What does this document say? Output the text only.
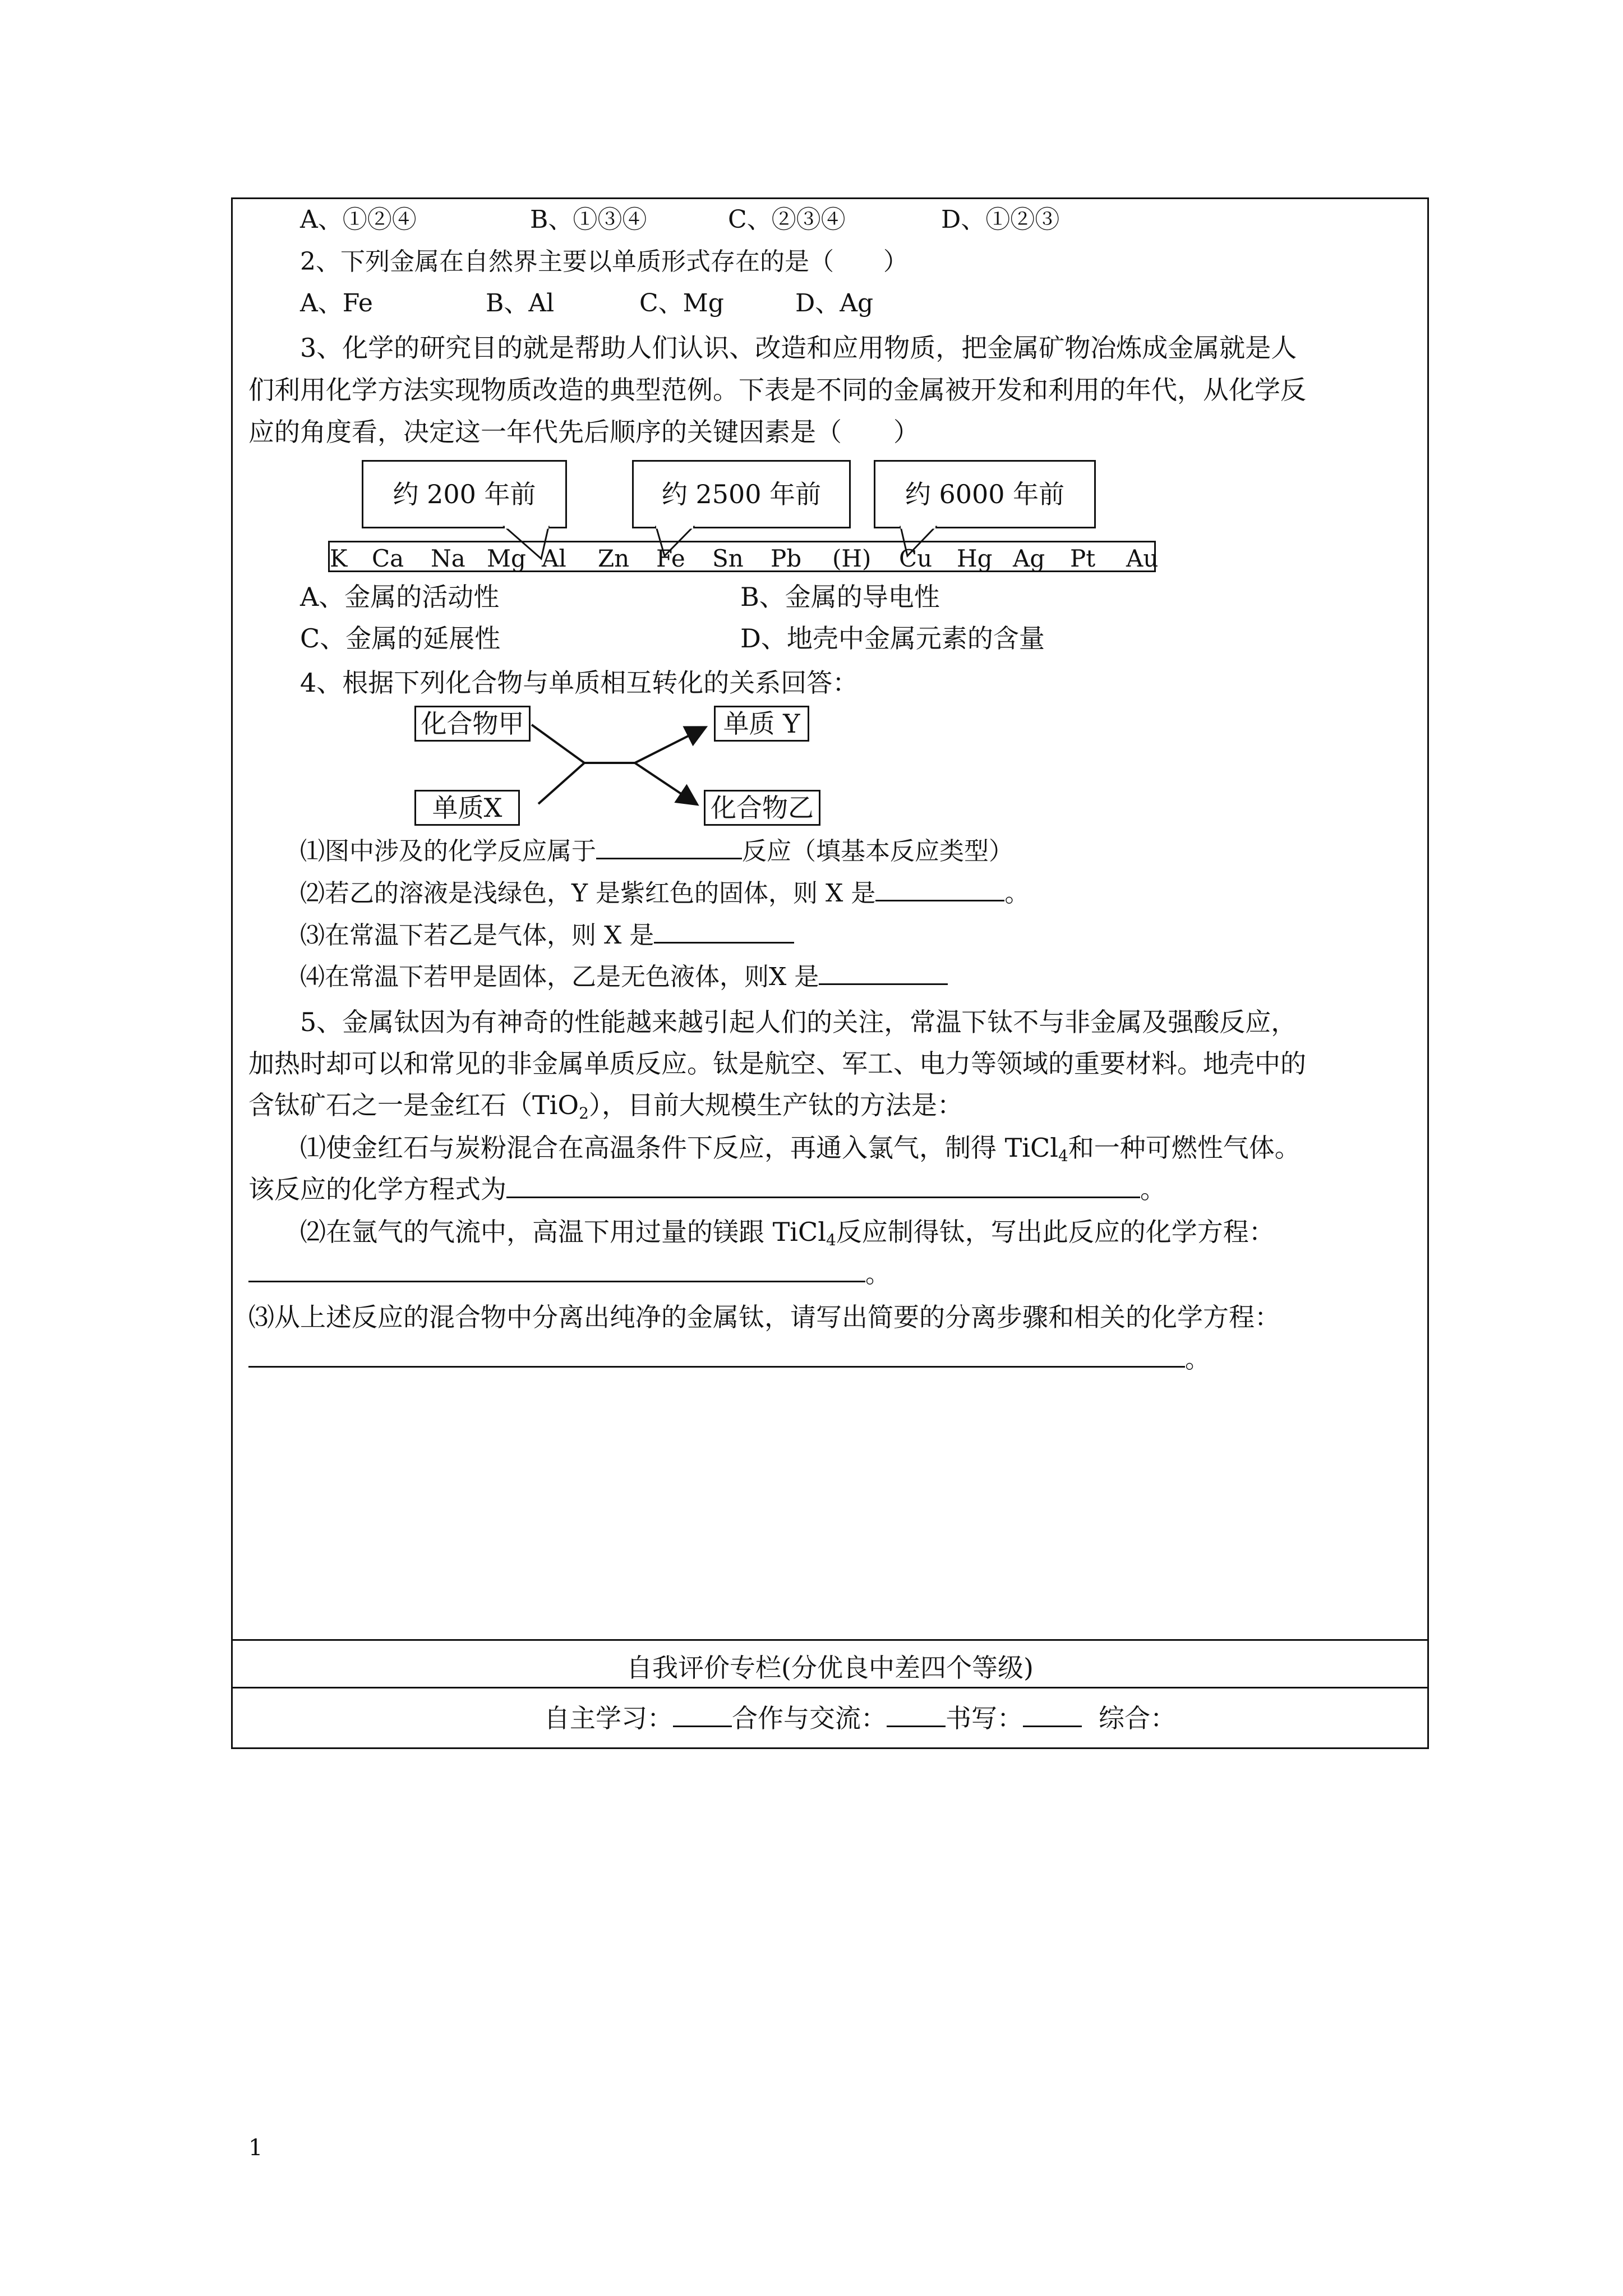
自我评价专栏(分优良中差四个等级)
自主学习： 合作与交流： 书写：	综合：
A、①②④	B、①③④	C、②③④	D、①②③
2、下列金属在自然界主要以单质形式存在的是（　　）
A、Fe	B、Al	C、Mg	D、Ag
3、化学的研究目的就是帮助人们认识、改造和应用物质，把金属矿物冶炼成金属就是人
们利用化学方法实现物质改造的典型范例。下表是不同的金属被开发和利用的年代，从化学反
应的角度看，决定这一年代先后顺序的关键因素是（　　）
约 200 年前	约 2500 年前	约 6000 年前
K Ca Na Mg Al Zn Fe Sn Pb (H) Cu Hg Ag Pt Au
A、金属的活动性	B、金属的导电性
C、金属的延展性	D、地壳中金属元素的含量
4、根据下列化合物与单质相互转化的关系回答：
化合物甲	单质 Y
单质X	化合物乙
⑴图中涉及的化学反应属于	反应（填基本反应类型）
⑵若乙的溶液是浅绿色，Y 是紫红色的固体，则 X 是	。
⑶在常温下若乙是气体，则 X 是
⑷在常温下若甲是固体，乙是无色液体，则X 是
5、金属钛因为有神奇的性能越来越引起人们的关注，常温下钛不与非金属及强酸反应，
加热时却可以和常见的非金属单质反应。钛是航空、军工、电力等领域的重要材料。地壳中的
含钛矿石之一是金红石（TiO$_2$），目前大规模生产钛的方法是：
⑴使金红石与炭粉混合在高温条件下反应，再通入氯气，制得 TiCl$_4$和一种可燃性气体。
该反应的化学方程式为	。
⑵在氩气的气流中，高温下用过量的镁跟 TiCl$_4$反应制得钛，写出此反应的化学方程：
。
⑶从上述反应的混合物中分离出纯净的金属钛，请写出简要的分离步骤和相关的化学方程：
。
1
